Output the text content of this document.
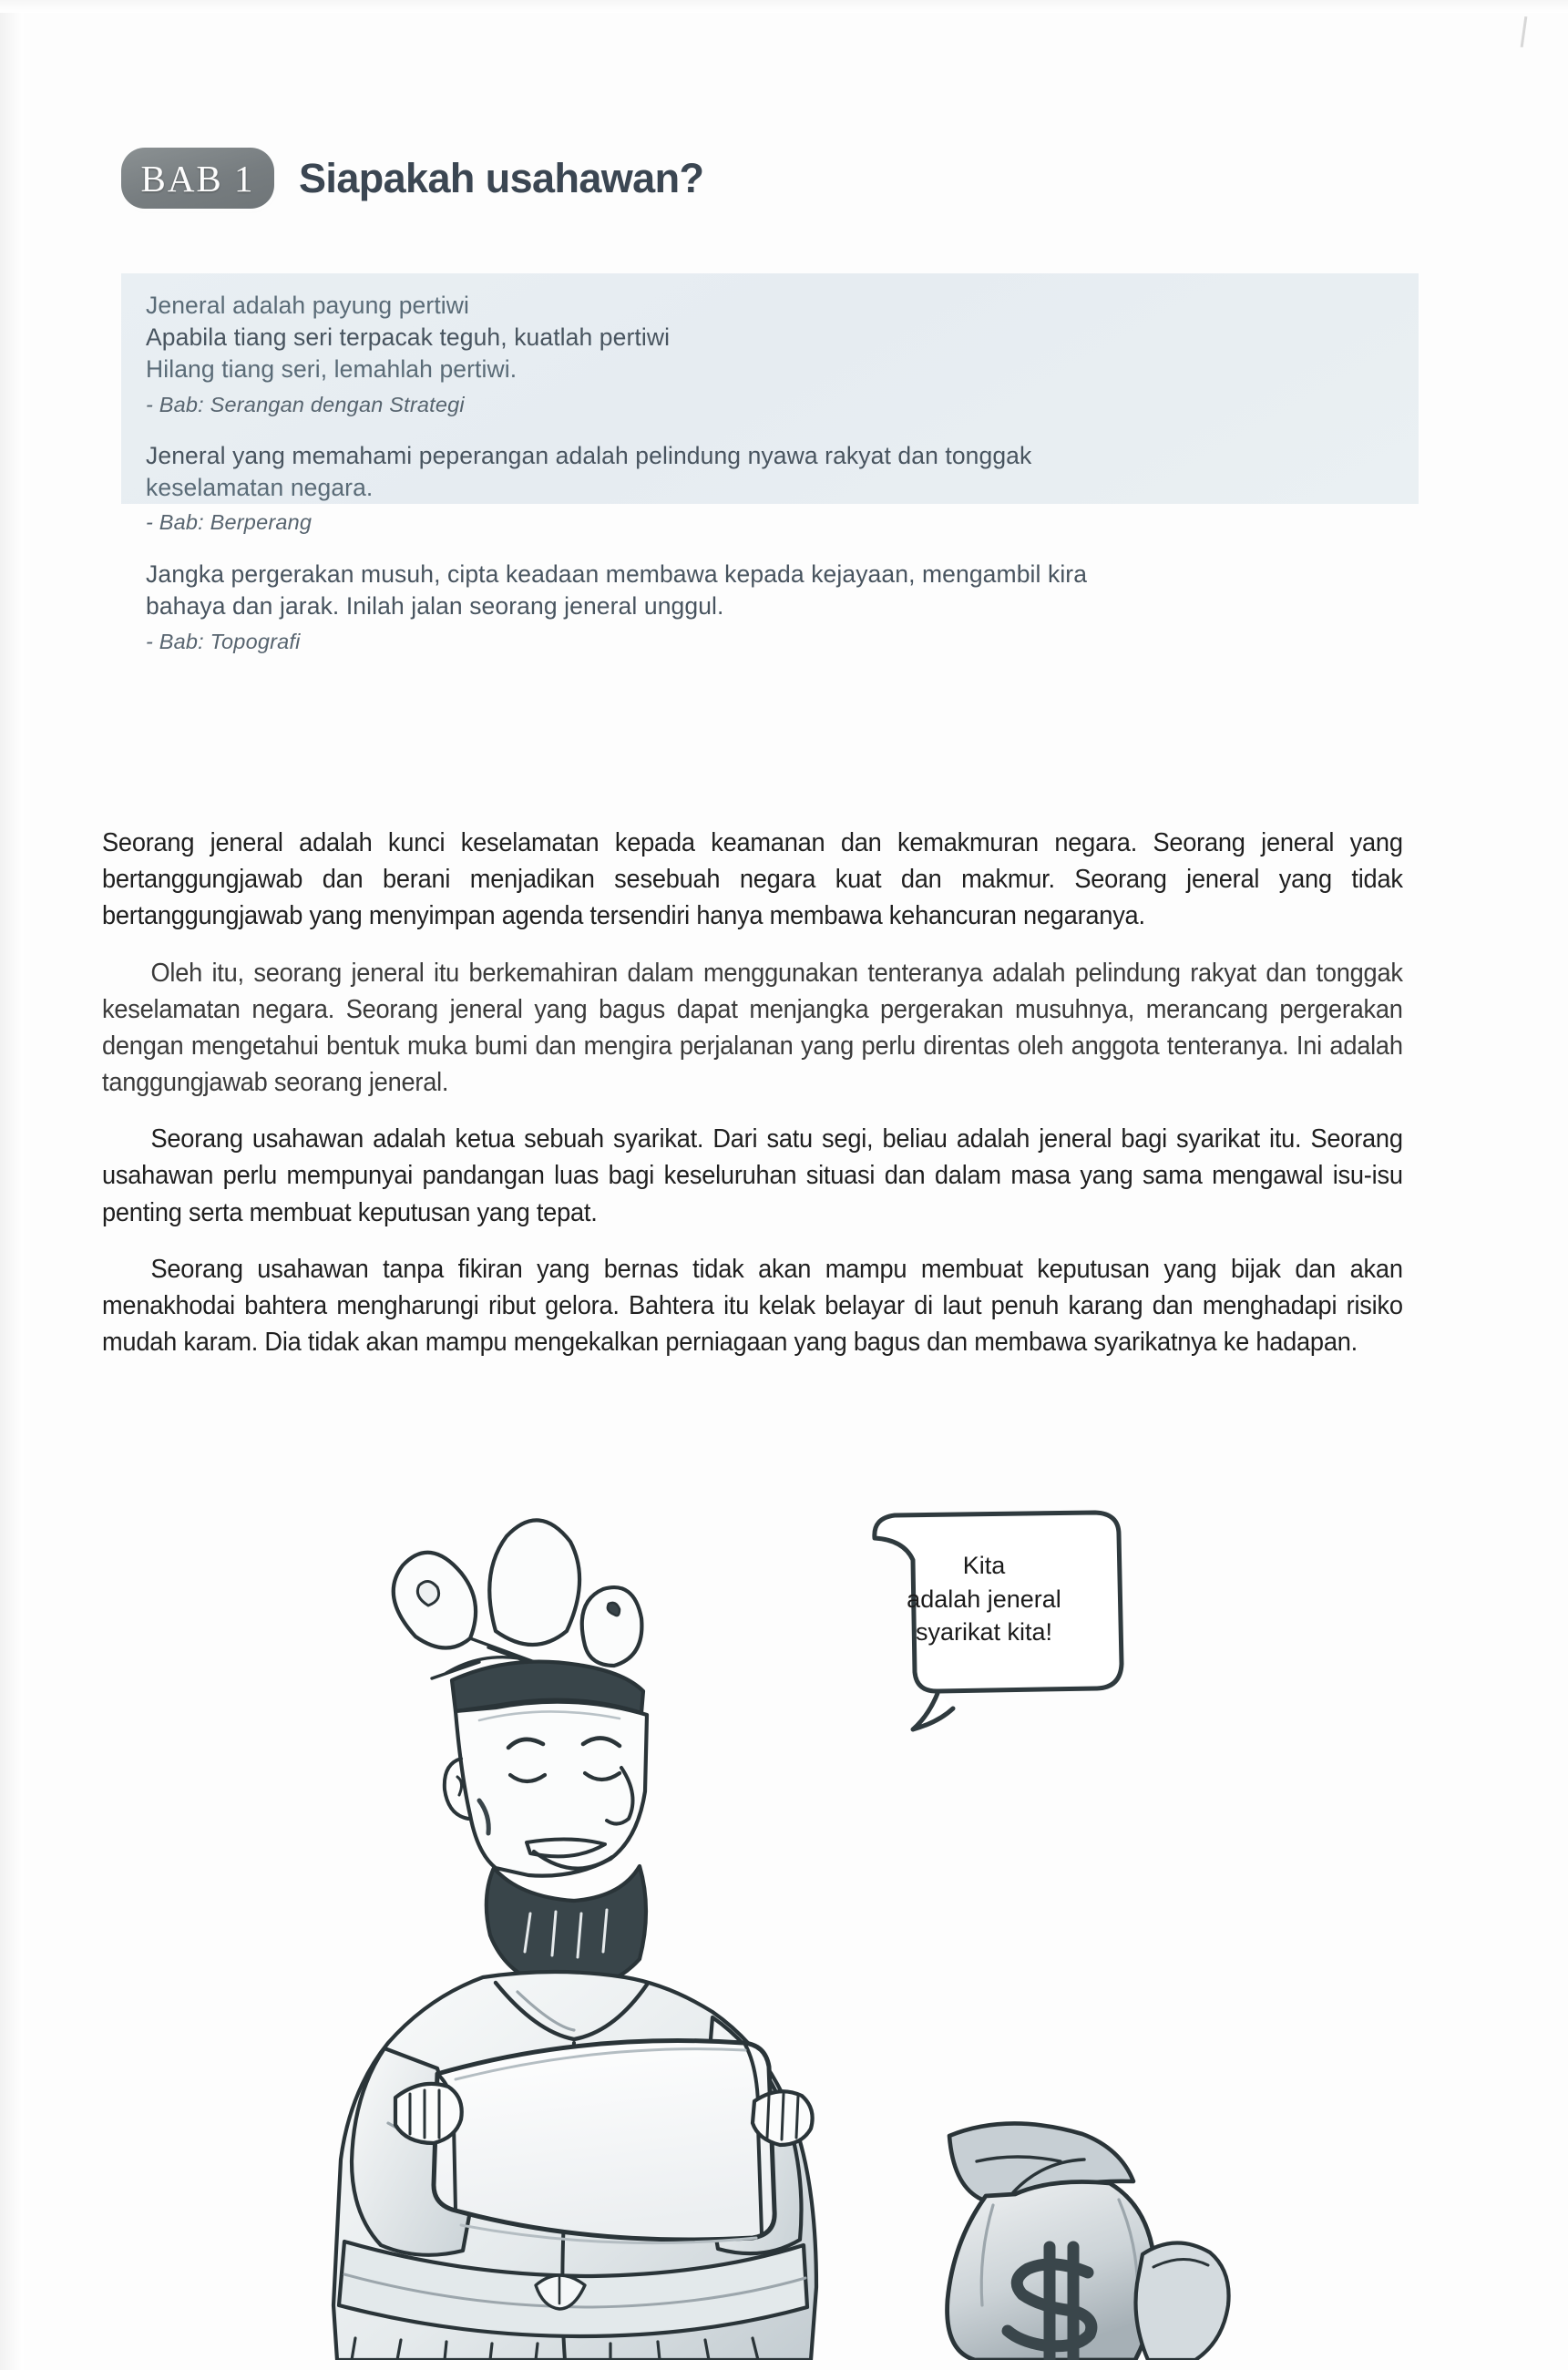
BAB 1 Siapakah usahawan?

Jeneral adalah payung pertiwi

Apabila tiang seri terpacak teguh, kuatlah pertiwi

Hilang tiang seri, lemahlah pertiwi.

- Bab: Serangan dengan Strategi

Jeneral yang memahami peperangan adalah pelindung nyawa rakyat dan tonggak

keselamatan negara.

- Bab: Berperang

Jangka pergerakan musuh, cipta keadaan membawa kepada kejayaan, mengambil kira

bahaya dan jarak. Inilah jalan seorang jeneral unggul.

- Bab: Topografi

Seorang jeneral adalah kunci keselamatan kepada keamanan dan kemakmuran negara. Seorang jeneral yang bertanggungjawab dan berani menjadikan sesebuah negara kuat dan makmur. Seorang jeneral yang tidak bertanggungjawab yang menyimpan agenda tersendiri hanya membawa kehancuran negaranya.

Oleh itu, seorang jeneral itu berkemahiran dalam menggunakan tenteranya adalah pelindung rakyat dan tonggak keselamatan negara. Seorang jeneral yang bagus dapat menjangka pergerakan musuhnya, merancang pergerakan dengan mengetahui bentuk muka bumi dan mengira perjalanan yang perlu direntas oleh anggota tenteranya. Ini adalah tanggungjawab seorang jeneral.

Seorang usahawan adalah ketua sebuah syarikat. Dari satu segi, beliau adalah jeneral bagi syarikat itu. Seorang usahawan perlu mempunyai pandangan luas bagi keseluruhan situasi dan dalam masa yang sama mengawal isu-isu penting serta membuat keputusan yang tepat.

Seorang usahawan tanpa fikiran yang bernas tidak akan mampu membuat keputusan yang bijak dan akan menakhodai bahtera mengharungi ribut gelora. Bahtera itu kelak belayar di laut penuh karang dan menghadapi risiko mudah karam. Dia tidak akan mampu mengekalkan perniagaan yang bagus dan membawa syarikatnya ke hadapan.

Kita
adalah jeneral
syarikat kita!
